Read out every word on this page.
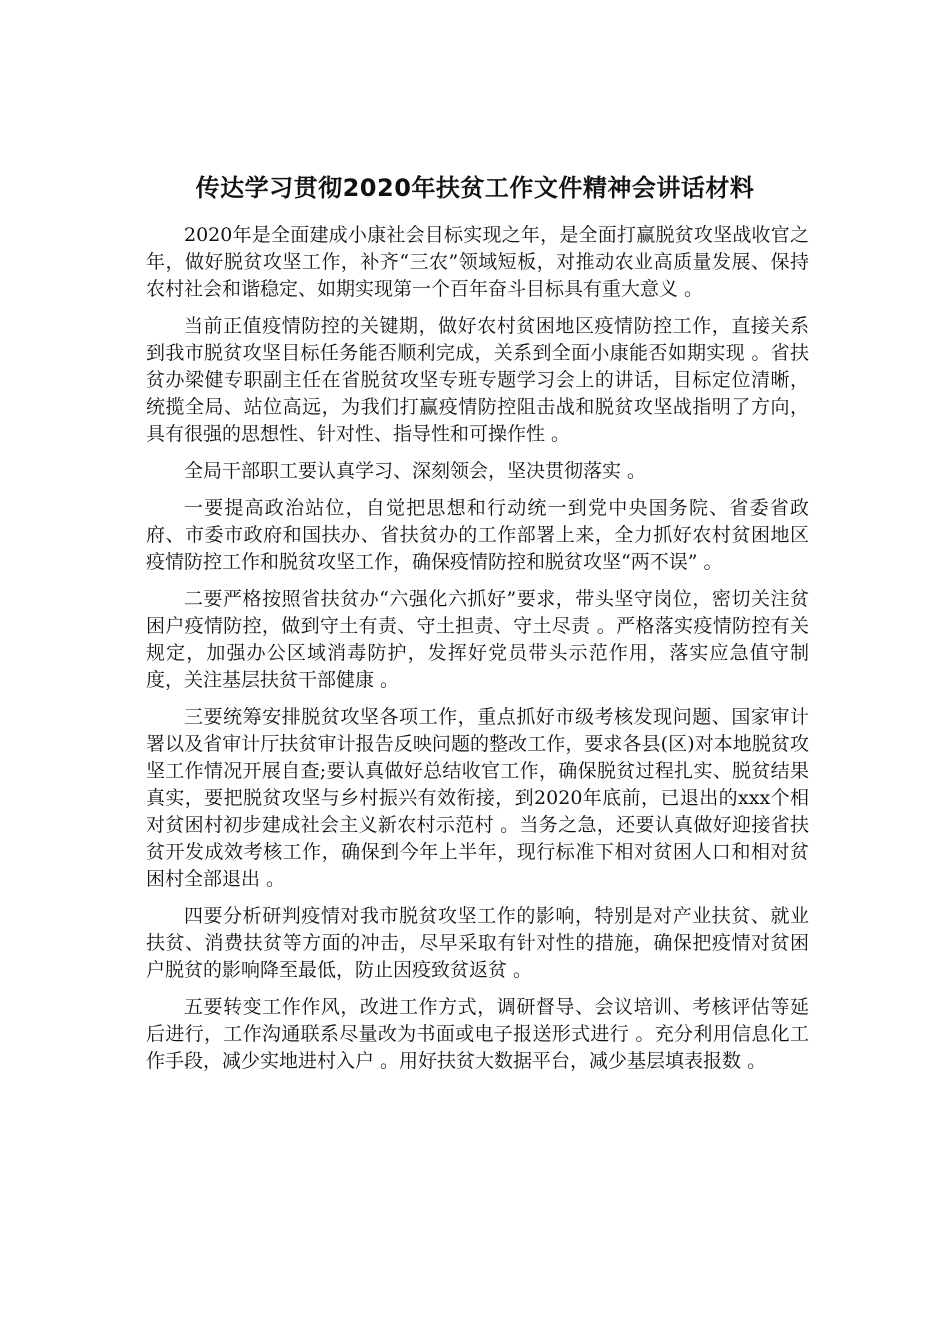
传达学习贯彻2020年扶贫工作文件精神会讲话材料

2020年是全面建成小康社会目标实现之年，是全面打赢脱贫攻坚战收官之年，做好脱贫攻坚工作，补齐“三农”领域短板，对推动农业高质量发展、保持农村社会和谐稳定、如期实现第一个百年奋斗目标具有重大意义 。

当前正值疫情防控的关键期，做好农村贫困地区疫情防控工作，直接关系到我市脱贫攻坚目标任务能否顺利完成，关系到全面小康能否如期实现 。省扶贫办梁健专职副主任在省脱贫攻坚专班专题学习会上的讲话，目标定位清晰，统揽全局、站位高远，为我们打赢疫情防控阻击战和脱贫攻坚战指明了方向，具有很强的思想性、针对性、指导性和可操作性 。

全局干部职工要认真学习、深刻领会，坚决贯彻落实 。

一要提高政治站位，自觉把思想和行动统一到党中央国务院、省委省政府、市委市政府和国扶办、省扶贫办的工作部署上来，全力抓好农村贫困地区疫情防控工作和脱贫攻坚工作，确保疫情防控和脱贫攻坚“两不误” 。

二要严格按照省扶贫办“六强化六抓好”要求，带头坚守岗位，密切关注贫困户疫情防控，做到守土有责、守土担责、守土尽责 。严格落实疫情防控有关规定，加强办公区域消毒防护，发挥好党员带头示范作用，落实应急值守制度，关注基层扶贫干部健康 。

三要统筹安排脱贫攻坚各项工作，重点抓好市级考核发现问题、国家审计署以及省审计厅扶贫审计报告反映问题的整改工作，要求各县(区)对本地脱贫攻坚工作情况开展自查;要认真做好总结收官工作，确保脱贫过程扎实、脱贫结果真实，要把脱贫攻坚与乡村振兴有效衔接，到2020年底前，已退出的xxx个相对贫困村初步建成社会主义新农村示范村 。当务之急，还要认真做好迎接省扶贫开发成效考核工作，确保到今年上半年，现行标准下相对贫困人口和相对贫困村全部退出 。

四要分析研判疫情对我市脱贫攻坚工作的影响，特别是对产业扶贫、就业扶贫、消费扶贫等方面的冲击，尽早采取有针对性的措施，确保把疫情对贫困户脱贫的影响降至最低，防止因疫致贫返贫 。

五要转变工作作风，改进工作方式，调研督导、会议培训、考核评估等延后进行，工作沟通联系尽量改为书面或电子报送形式进行 。充分利用信息化工作手段，减少实地进村入户 。用好扶贫大数据平台，减少基层填表报数 。
